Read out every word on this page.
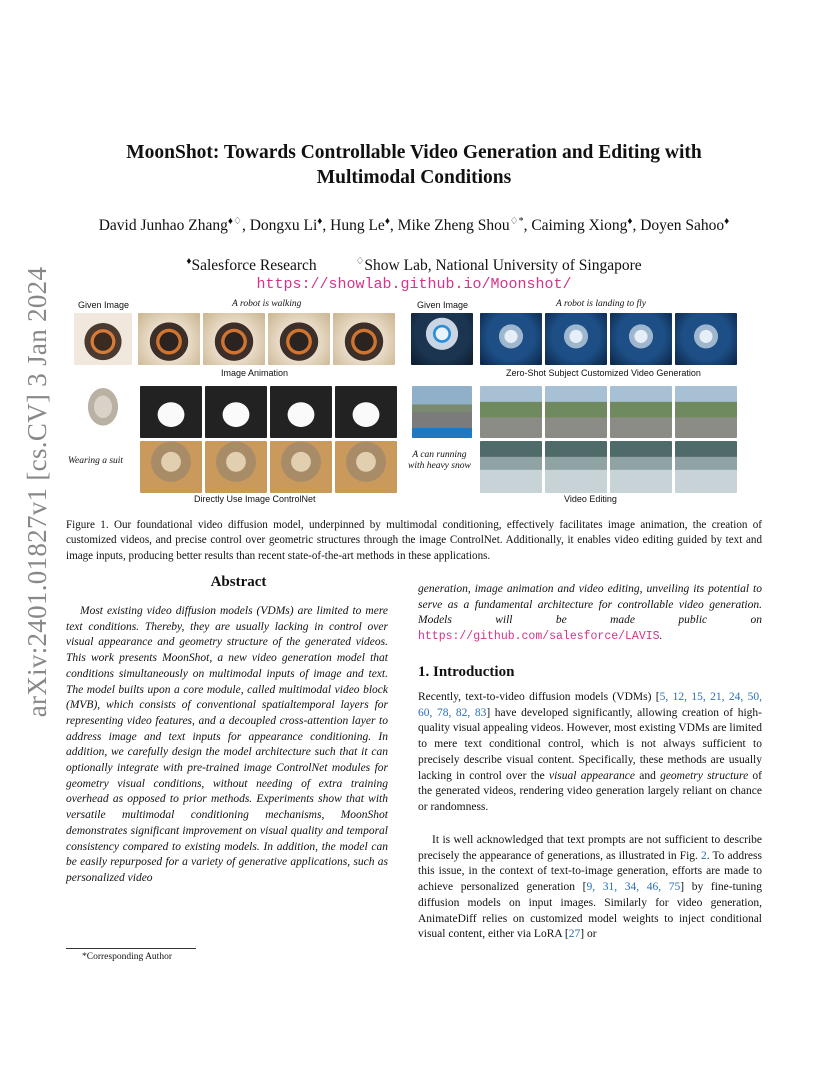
arXiv:2401.01827v1 [cs.CV] 3 Jan 2024
MoonShot: Towards Controllable Video Generation and Editing with
Multimodal Conditions
David Junhao Zhang♦♢, Dongxu Li♦, Hung Le♦, Mike Zheng Shou♢*, Caiming Xiong♦, Doyen Sahoo♦
♦Salesforce Research	♢Show Lab, National University of Singapore
https://showlab.github.io/Moonshot/
Given Image	A robot is walking
Image Animation
Given Image	A robot is landing to fly
Zero-Shot Subject Customized Video Generation
Wearing a suit
Directly Use Image ControlNet
A can running
with heavy snow
Video Editing
Figure 1. Our foundational video diffusion model, underpinned by multimodal conditioning, effectively facilitates image animation, the creation of customized videos, and precise control over geometric structures through the image ControlNet. Additionally, it enables video editing guided by text and image inputs, producing better results than recent state-of-the-art methods in these applications.
Abstract

Most existing video diffusion models (VDMs) are limited to mere text conditions. Thereby, they are usually lacking in control over visual appearance and geometry structure of the generated videos. This work presents MoonShot, a new video generation model that conditions simultaneously on multimodal inputs of image and text. The model builts upon a core module, called multimodal video block (MVB), which consists of conventional spatialtemporal layers for representing video features, and a decoupled cross-attention layer to address image and text inputs for appearance conditioning. In addition, we carefully design the model architecture such that it can optionally integrate with pre-trained image ControlNet modules for geometry visual conditions, without needing of extra training overhead as opposed to prior methods. Experiments show that with versatile multimodal conditioning mechanisms, MoonShot demonstrates significant improvement on visual quality and temporal consistency compared to existing models. In addition, the model can be easily repurposed for a variety of generative applications, such as personalized video

generation, image animation and video editing, unveiling its potential to serve as a fundamental architecture for controllable video generation. Models will be made public on https://github.com/salesforce/LAVIS.
1. Introduction

Recently, text-to-video diffusion models (VDMs) [5, 12, 15, 21, 24, 50, 60, 78, 82, 83] have developed significantly, allowing creation of high-quality visual appealing videos. However, most existing VDMs are limited to mere text conditional control, which is not always sufficient to precisely describe visual content. Specifically, these methods are usually lacking in control over the visual appearance and geometry structure of the generated videos, rendering video generation largely reliant on chance or randomness.

It is well acknowledged that text prompts are not sufficient to describe precisely the appearance of generations, as illustrated in Fig. 2. To address this issue, in the context of text-to-image generation, efforts are made to achieve personalized generation [9, 31, 34, 46, 75] by fine-tuning diffusion models on input images. Similarly for video generation, AnimateDiff relies on customized model weights to inject conditional visual content, either via LoRA [27] or

*Corresponding Author
